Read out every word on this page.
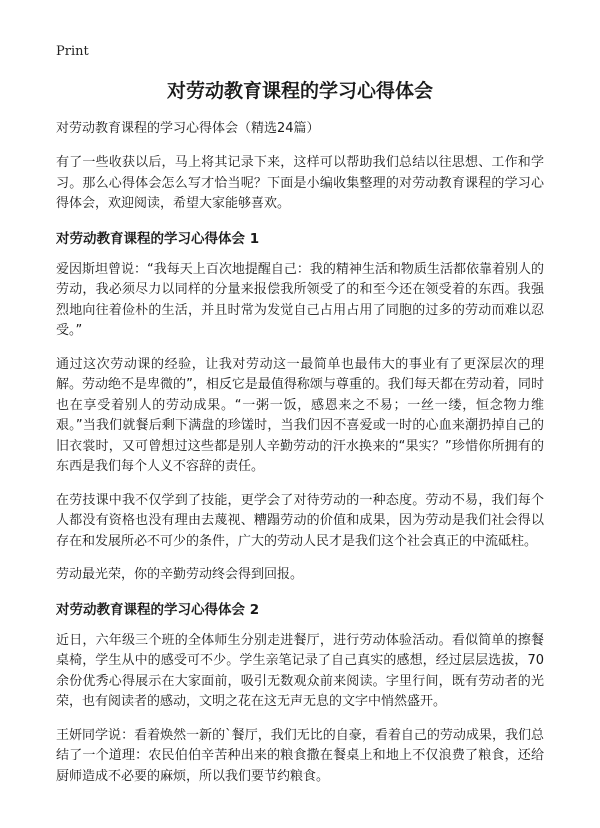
Print
对劳动教育课程的学习心得体会
对劳动教育课程的学习心得体会（精选24篇）

有了一些收获以后，马上将其记录下来，这样可以帮助我们总结以往思想、工作和学习。那么心得体会怎么写才恰当呢？下面是小编收集整理的对劳动教育课程的学习心得体会，欢迎阅读，希望大家能够喜欢。

对劳动教育课程的学习心得体会 1

爱因斯坦曾说：“我每天上百次地提醒自己：我的精神生活和物质生活都依靠着别人的劳动，我必须尽力以同样的分量来报偿我所领受了的和至今还在领受着的东西。我强烈地向往着俭朴的生活，并且时常为发觉自己占用占用了同胞的过多的劳动而难以忍受。”

通过这次劳动课的经验，让我对劳动这一最简单也最伟大的事业有了更深层次的理解。劳动绝不是卑微的”，相反它是最值得称颂与尊重的。我们每天都在劳动着，同时也在享受着别人的劳动成果。“一粥一饭，感恩来之不易；一丝一缕，恒念物力维艰。”当我们就餐后剩下满盘的珍馐时，当我们因不喜爱或一时的心血来潮扔掉自己的旧衣裳时，又可曾想过这些都是别人辛勤劳动的汗水换来的“果实？”珍惜你所拥有的东西是我们每个人义不容辞的责任。

在劳技课中我不仅学到了技能，更学会了对待劳动的一种态度。劳动不易，我们每个人都没有资格也没有理由去蔑视、糟蹋劳动的价值和成果，因为劳动是我们社会得以存在和发展所必不可少的条件，广大的劳动人民才是我们这个社会真正的中流砥柱。

劳动最光荣，你的辛勤劳动终会得到回报。

对劳动教育课程的学习心得体会 2

近日，六年级三个班的全体师生分别走进餐厅，进行劳动体验活动。看似简单的擦餐桌椅，学生从中的感受可不少。学生亲笔记录了自己真实的感想，经过层层选拔，70余份优秀心得展示在大家面前，吸引无数观众前来阅读。字里行间，既有劳动者的光荣，也有阅读者的感动，文明之花在这无声无息的文字中悄然盛开。

王妍同学说：看着焕然一新的`餐厅，我们无比的自豪，看着自己的劳动成果，我们总结了一个道理：农民伯伯辛苦种出来的粮食撒在餐桌上和地上不仅浪费了粮食，还给厨师造成不必要的麻烦，所以我们要节约粮食。
